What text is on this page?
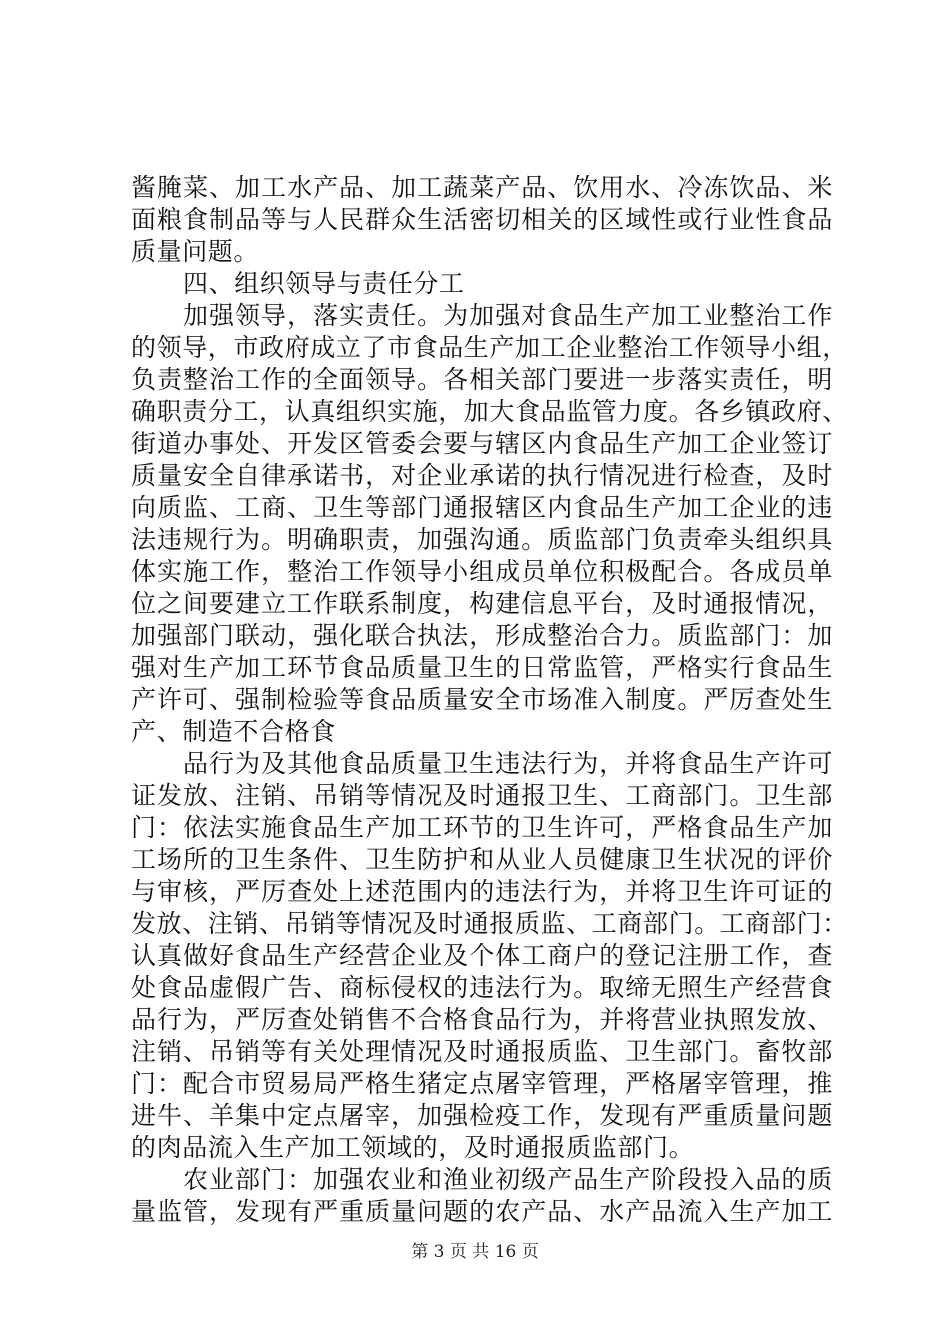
酱腌菜、加工水产品、加工蔬菜产品、饮用水、冷冻饮品、米
面粮食制品等与人民群众生活密切相关的区域性或行业性食品
质量问题。
四、组织领导与责任分工
加强领导，落实责任。为加强对食品生产加工业整治工作
的领导，市政府成立了市食品生产加工企业整治工作领导小组，
负责整治工作的全面领导。各相关部门要进一步落实责任，明
确职责分工，认真组织实施，加大食品监管力度。各乡镇政府、
街道办事处、开发区管委会要与辖区内食品生产加工企业签订
质量安全自律承诺书，对企业承诺的执行情况进行检查，及时
向质监、工商、卫生等部门通报辖区内食品生产加工企业的违
法违规行为。明确职责，加强沟通。质监部门负责牵头组织具
体实施工作，整治工作领导小组成员单位积极配合。各成员单
位之间要建立工作联系制度，构建信息平台，及时通报情况，
加强部门联动，强化联合执法，形成整治合力。质监部门：加
强对生产加工环节食品质量卫生的日常监管，严格实行食品生
产许可、强制检验等食品质量安全市场准入制度。严厉查处生
产、制造不合格食
品行为及其他食品质量卫生违法行为，并将食品生产许可
证发放、注销、吊销等情况及时通报卫生、工商部门。卫生部
门：依法实施食品生产加工环节的卫生许可，严格食品生产加
工场所的卫生条件、卫生防护和从业人员健康卫生状况的评价
与审核，严厉查处上述范围内的违法行为，并将卫生许可证的
发放、注销、吊销等情况及时通报质监、工商部门。工商部门：
认真做好食品生产经营企业及个体工商户的登记注册工作，查
处食品虚假广告、商标侵权的违法行为。取缔无照生产经营食
品行为，严厉查处销售不合格食品行为，并将营业执照发放、
注销、吊销等有关处理情况及时通报质监、卫生部门。畜牧部
门：配合市贸易局严格生猪定点屠宰管理，严格屠宰管理，推
进牛、羊集中定点屠宰，加强检疫工作，发现有严重质量问题
的肉品流入生产加工领域的，及时通报质监部门。
农业部门：加强农业和渔业初级产品生产阶段投入品的质
量监管，发现有严重质量问题的农产品、水产品流入生产加工
第 3 页 共 16 页
